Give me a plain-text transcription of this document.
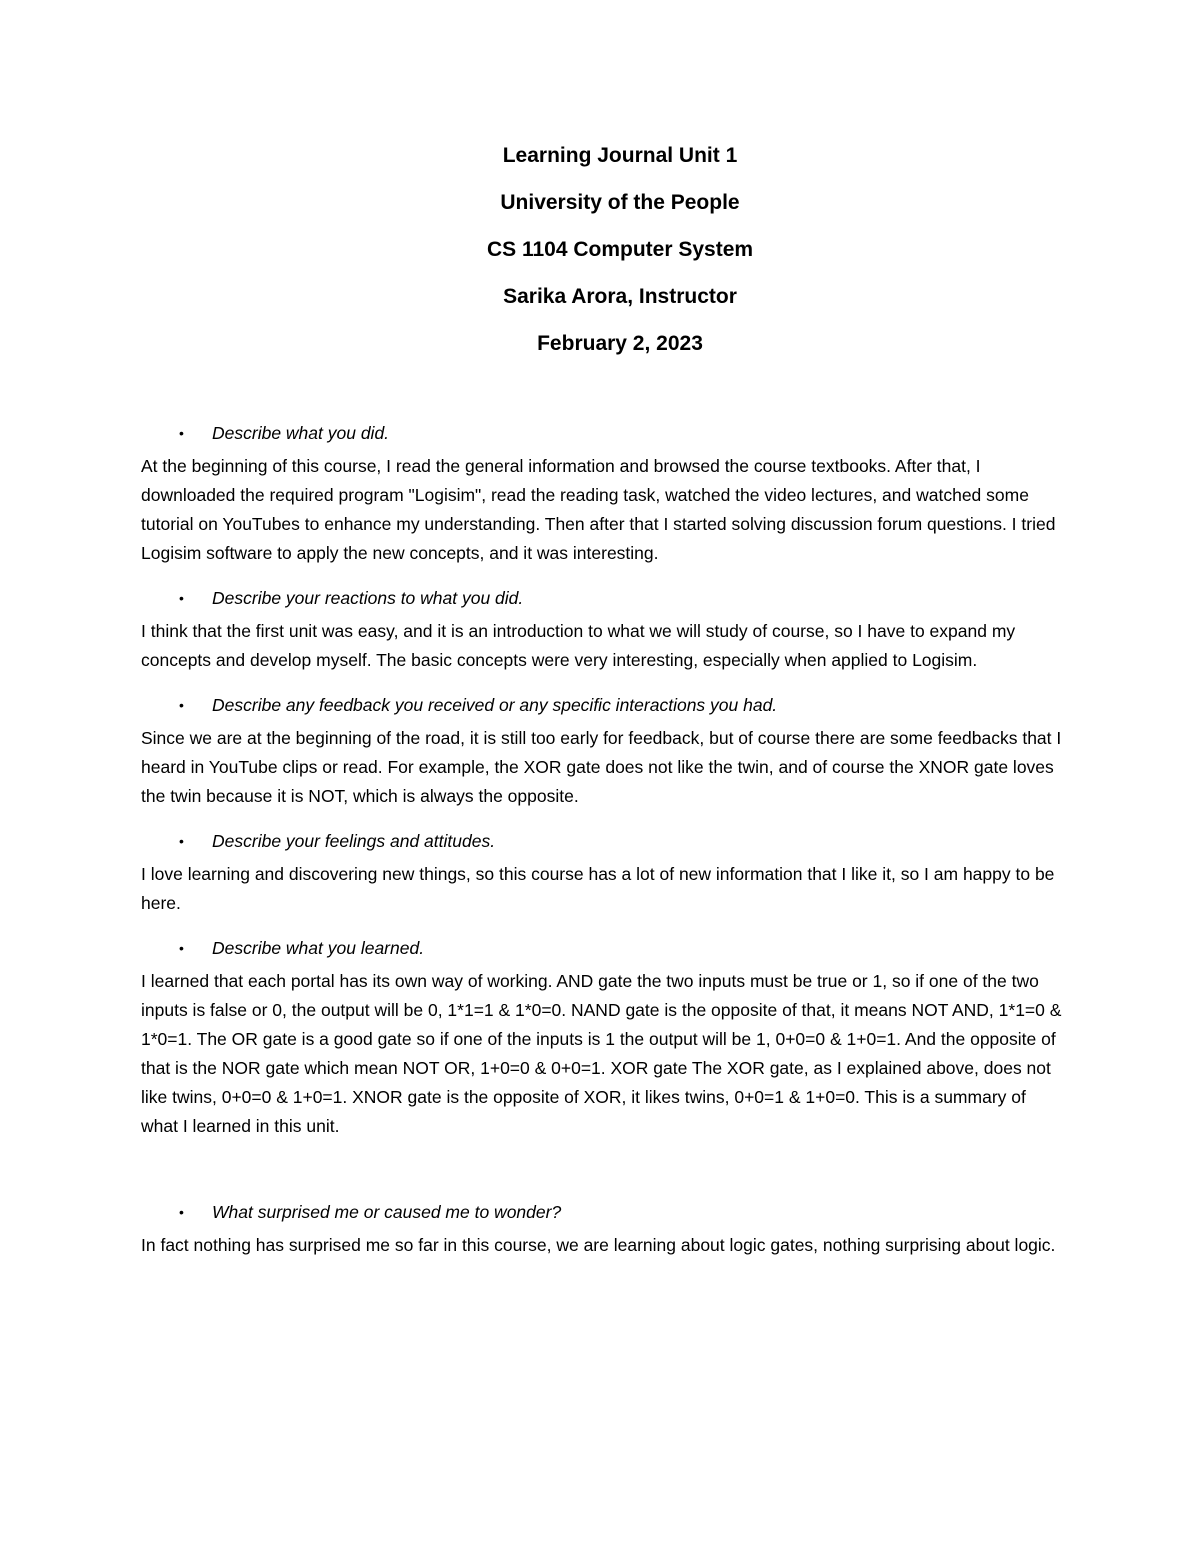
Learning Journal Unit 1
University of the People
CS 1104 Computer System
Sarika Arora, Instructor
February 2, 2023
• Describe what you did.

At the beginning of this course, I read the general information and browsed the course textbooks. After that, I downloaded the required program "Logisim", read the reading task, watched the video lectures, and watched some tutorial on YouTubes to enhance my understanding. Then after that I started solving discussion forum questions. I tried Logisim software to apply the new concepts, and it was interesting.

• Describe your reactions to what you did.

I think that the first unit was easy, and it is an introduction to what we will study of course, so I have to expand my concepts and develop myself. The basic concepts were very interesting, especially when applied to Logisim.

• Describe any feedback you received or any specific interactions you had.

Since we are at the beginning of the road, it is still too early for feedback, but of course there are some feedbacks that I heard in YouTube clips or read. For example, the XOR gate does not like the twin, and of course the XNOR gate loves the twin because it is NOT, which is always the opposite.

• Describe your feelings and attitudes.

I love learning and discovering new things, so this course has a lot of new information that I like it, so I am happy to be here.

• Describe what you learned.

I learned that each portal has its own way of working. AND gate the two inputs must be true or 1, so if one of the two inputs is false or 0, the output will be 0, 1*1=1 & 1*0=0. NAND gate is the opposite of that, it means NOT AND, 1*1=0 & 1*0=1. The OR gate is a good gate so if one of the inputs is 1 the output will be 1, 0+0=0 & 1+0=1. And the opposite of that is the NOR gate which mean NOT OR, 1+0=0 & 0+0=1. XOR gate The XOR gate, as I explained above, does not like twins, 0+0=0 & 1+0=1. XNOR gate is the opposite of XOR, it likes twins, 0+0=1 & 1+0=0. This is a summary of what I learned in this unit.

• What surprised me or caused me to wonder?

In fact nothing has surprised me so far in this course, we are learning about logic gates, nothing surprising about logic.
